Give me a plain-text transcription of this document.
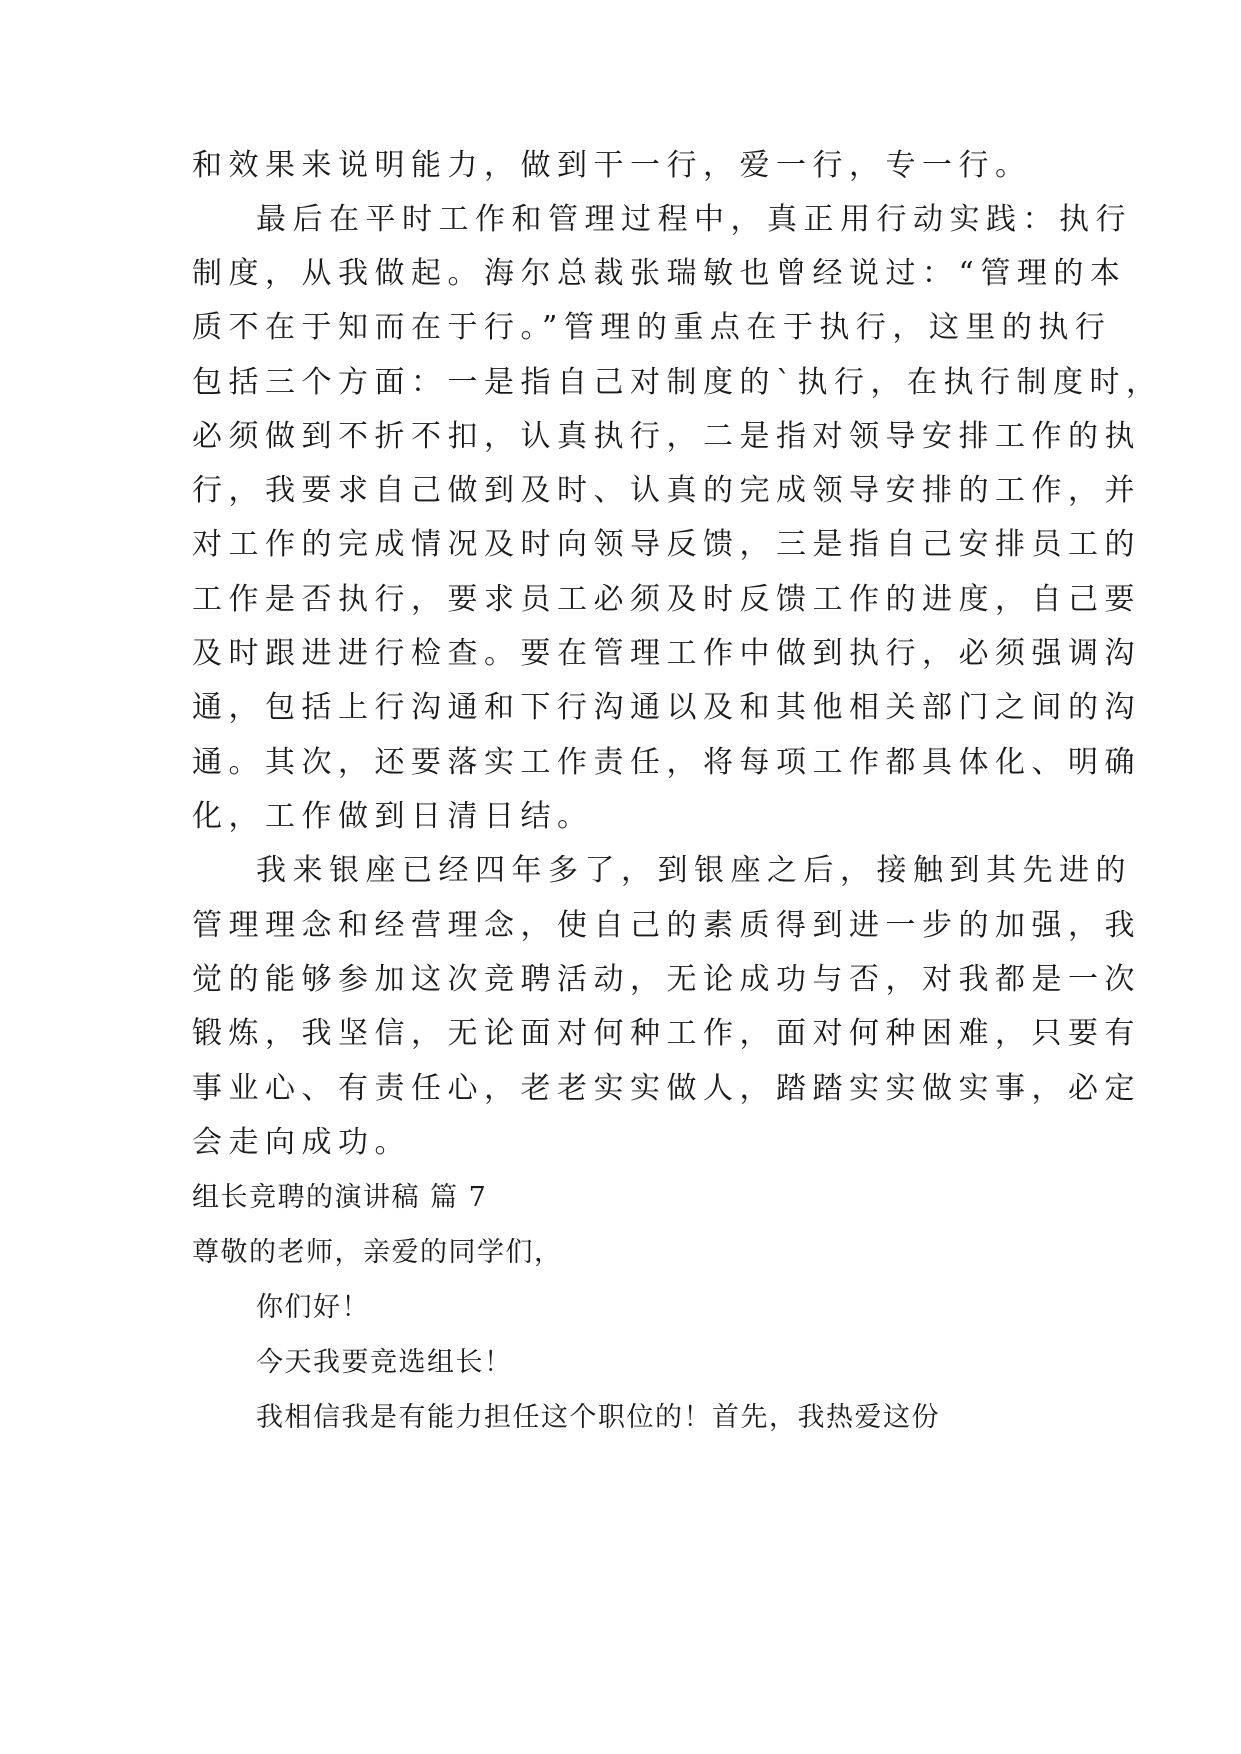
和效果来说明能力，做到干一行，爱一行，专一行。
最后在平时工作和管理过程中，真正用行动实践：执行
制度，从我做起。海尔总裁张瑞敏也曾经说过：“管理的本
质不在于知而在于行。”管理的重点在于执行，这里的执行
包括三个方面：一是指自己对制度的`执行，在执行制度时，
必须做到不折不扣，认真执行，二是指对领导安排工作的执
行，我要求自己做到及时、认真的完成领导安排的工作，并
对工作的完成情况及时向领导反馈，三是指自己安排员工的
工作是否执行，要求员工必须及时反馈工作的进度，自己要
及时跟进进行检查。要在管理工作中做到执行，必须强调沟
通，包括上行沟通和下行沟通以及和其他相关部门之间的沟
通。其次，还要落实工作责任，将每项工作都具体化、明确
化，工作做到日清日结。
我来银座已经四年多了，到银座之后，接触到其先进的
管理理念和经营理念，使自己的素质得到进一步的加强，我
觉的能够参加这次竞聘活动，无论成功与否，对我都是一次
锻炼，我坚信，无论面对何种工作，面对何种困难，只要有
事业心、有责任心，老老实实做人，踏踏实实做实事，必定
会走向成功。
组长竞聘的演讲稿 篇 7
尊敬的老师，亲爱的同学们，
你们好！
今天我要竞选组长！
我相信我是有能力担任这个职位的！首先，我热爱这份
